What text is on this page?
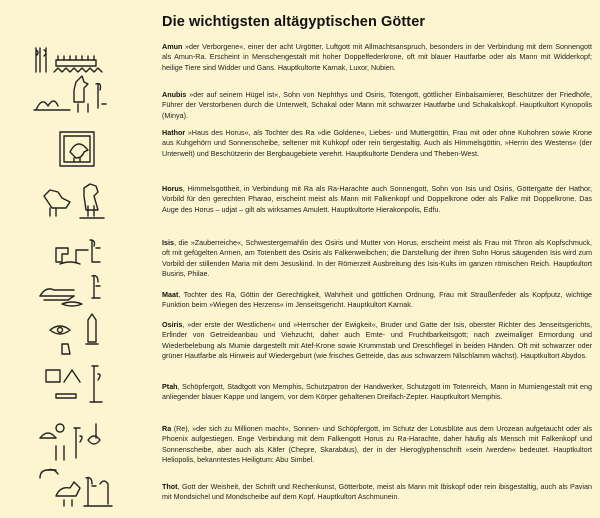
Die wichtigsten altägyptischen Götter
Amun »der Verborgene«, einer der acht Urgötter, Luftgott mit Allmachtsanspruch, besonders in der Verbindung mit dem Sonnengott als Amun-Ra. Erscheint in Menschengestalt mit hoher Doppelfederkrone, oft mit blauer Hautfarbe oder als Mann mit Widderkopf; heilige Tiere sind Widder und Gans. Hauptkultorte Karnak, Luxor, Nubien.
Anubis »der auf seinem Hügel ist«, Sohn von Nephthys und Osiris, Totengott, göttlicher Einbalsamierer, Beschützer der Friedhöfe, Führer der Verstorbenen durch die Unterwelt, Schakal oder Mann mit schwarzer Hautfarbe und Schakalskopf. Hauptkultort Kynopolis (Minya).
Hathor »Haus des Horus«, als Tochter des Ra »die Goldene«, Liebes- und Muttergöttin, Frau mit oder ohne Kuhohren sowie Krone aus Kuhgehörn und Sonnenscheibe, seltener mit Kuhkopf oder rein tiergestaltig. Auch als Himmelsgöttin, »Herrin des Westens« (der Unterwelt) und Beschützerin der Bergbaugebiete verehrt. Hauptkultorte Dendera und Theben-West.
Horus, Himmelsgottheit, in Verbindung mit Ra als Ra-Harachte auch Sonnengott, Sohn von Isis und Osiris, Göttergatte der Hathor, Vorbild für den gerechten Pharao, erscheint meist als Mann mit Falkenkopf und Doppelkrone oder als Falke mit Doppelkrone. Das Auge des Horus – udjat – gilt als wirksames Amulett. Hauptkultorte Hierakonpolis, Edfu.
Isis, die »Zauberreiche«, Schwestergemahlin des Osiris und Mutter von Horus, erscheint meist als Frau mit Thron als Kopfschmuck, oft mit gefügelten Armen, am Totenbett des Osiris als Falkenweibchen; die Darstellung der ihren Sohn Horus säugenden Isis wird zum Vorbild der stillenden Maria mit dem Jesuskind. In der Römerzeit Ausbreitung des Isis-Kults im ganzen römischen Reich. Hauptkultort Busiris, Philae.
Maat, Tochter des Ra, Göttin der Gerechtigkeit, Wahrheit und göttlichen Ordnung, Frau mit Straußenfeder als Kopfputz, wichtige Funktion beim »Wiegen des Herzens« im Jenseitsgericht. Hauptkultort Karnak.
Osiris, »der erste der Westlichen« und »Herrscher der Ewigkeit«, Bruder und Gatte der Isis, oberster Richter des Jenseitsgerichts, Erfinder von Getreideanbau und Viehzucht, daher auch Ernte- und Fruchtbarkeitsgott; nach zweimaliger Ermordung und Wiederbelebung als Mumie dargestellt mit Atef-Krone sowie Krummstab und Dreschflegel in beiden Händen. Oft mit schwarzer oder grüner Hautfarbe als Hinweis auf Wiedergeburt (wie frisches Getreide, das aus schwarzem Nilschlamm wächst). Hauptkultort Abydos.
Ptah, Schöpfergott, Stadtgott von Memphis, Schutzpatron der Handwerker, Schutzgott im Totenreich, Mann in Mumiengestalt mit eng anliegender blauer Kappe und langem, vor dem Körper gehaltenen Dreifach-Zepter. Hauptkultort Memphis.
Ra (Re), »der sich zu Millionen macht«, Sonnen- und Schöpfergott, im Schutz der Lotusblüte aus dem Urozean aufgetaucht oder als Phoenix aufgestiegen. Enge Verbindung mit dem Falkengott Horus zu Ra-Harachte, daher häufig als Mensch mit Falkenkopf und Sonnenscheibe, aber auch als Käfer (Chepre, Skarabäus), der in der Hieroglyphenschrift »sein /werden« bedeutet. Hauptkultort Heliopolis, bekanntestes Heiligtum: Abu Simbel.
Thot, Gott der Weisheit, der Schrift und Rechenkunst, Götterbote, meist als Mann mit Ibiskopf oder rein ibisgestaltig, auch als Pavian mit Mondsichel und Mondscheibe auf dem Kopf. Hauptkultort Aschmunein.
